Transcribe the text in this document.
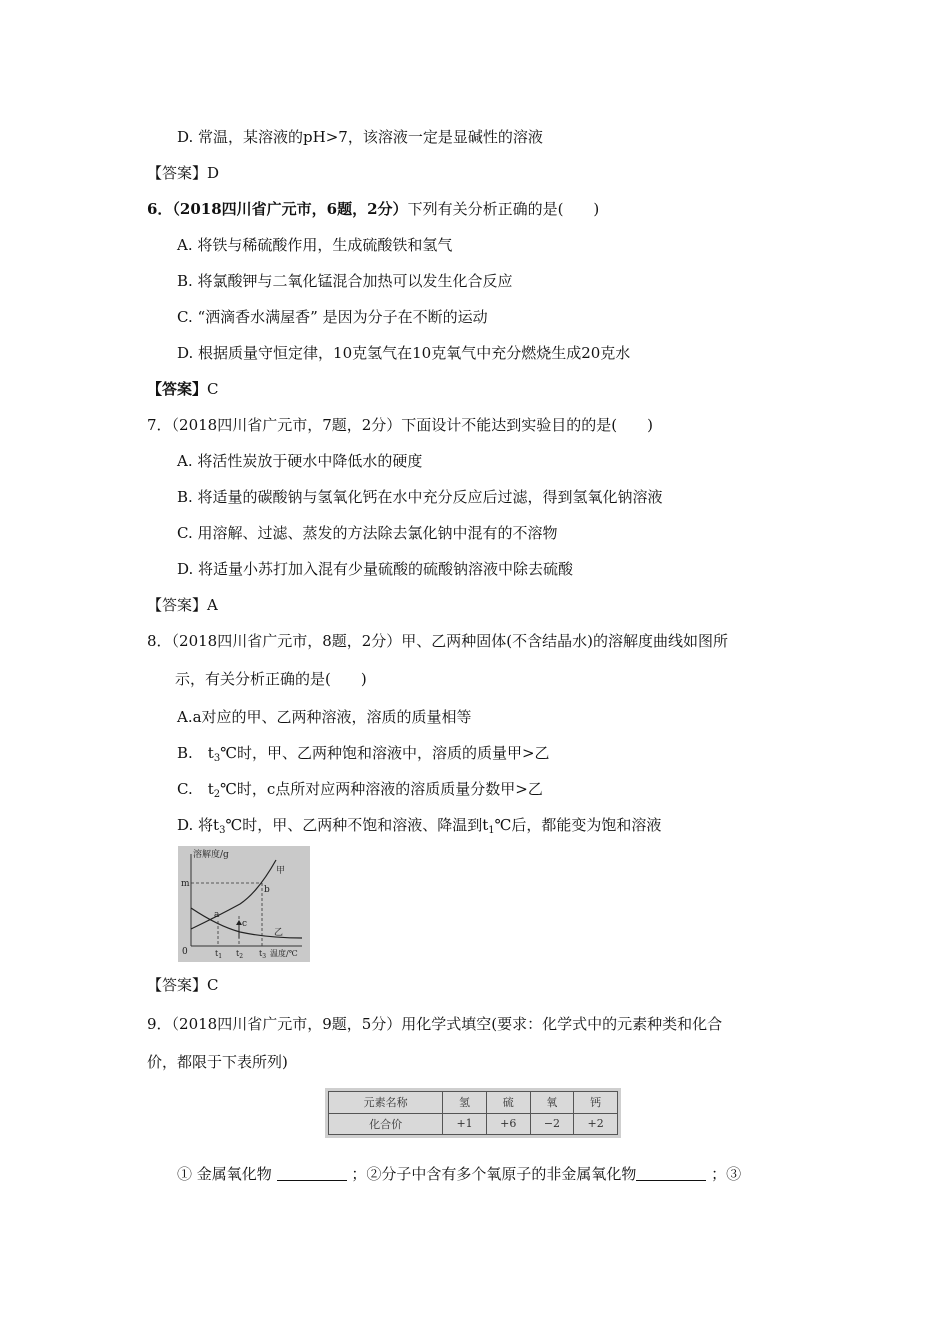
D. 常温，某溶液的pH>7，该溶液一定是显碱性的溶液
【答案】D
6．（2018四川省广元市，6题，2分）下列有关分析正确的是(　　)
A. 将铁与稀硫酸作用，生成硫酸铁和氢气
B. 将氯酸钾与二氧化锰混合加热可以发生化合反应
C. “洒滴香水满屋香” 是因为分子在不断的运动
D. 根据质量守恒定律，10克氢气在10克氧气中充分燃烧生成20克水
【答案】C
7．（2018四川省广元市，7题，2分）下面设计不能达到实验目的的是(　　)
A. 将活性炭放于硬水中降低水的硬度
B. 将适量的碳酸钠与氢氧化钙在水中充分反应后过滤，得到氢氧化钠溶液
C. 用溶解、过滤、蒸发的方法除去氯化钠中混有的不溶物
D. 将适量小苏打加入混有少量硫酸的硫酸钠溶液中除去硫酸
【答案】A
8．（2018四川省广元市，8题，2分）甲、乙两种固体(不含结晶水)的溶解度曲线如图所
示，有关分析正确的是(　　)
A.a对应的甲、乙两种溶液，溶质的质量相等
B.　$t_3℃$时，甲、乙两种饱和溶液中，溶质的质量甲>乙
C.　$t_2℃$时，c点所对应两种溶液的溶质质量分数甲>乙
D. 将$t_3℃$时，甲、乙两种不饱和溶液、降温到$t_1℃$后，都能变为饱和溶液
溶解度/g
甲
m
b
a
c
乙
0	$t_1$ $t_2$ $t_3$ 温度/℃
【答案】C
9．（2018四川省广元市，9题，5分）用化学式填空(要求：化学式中的元素种类和化合
价，都限于下表所列)
元素名称	氢	硫	氧	钙
化合价	+1	+6	−2	+2
① 金属氧化物	；②分子中含有多个氧原子的非金属氧化物	；③
